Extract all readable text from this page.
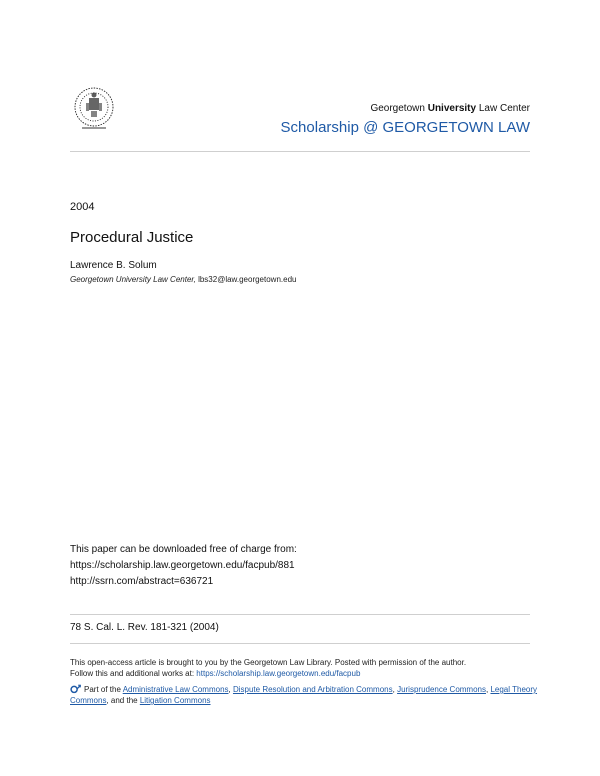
Georgetown University Law Center
Scholarship @ GEORGETOWN LAW
2004
Procedural Justice
Lawrence B. Solum
Georgetown University Law Center, lbs32@law.georgetown.edu
This paper can be downloaded free of charge from:
https://scholarship.law.georgetown.edu/facpub/881
http://ssrn.com/abstract=636721
78 S. Cal. L. Rev. 181-321 (2004)
This open-access article is brought to you by the Georgetown Law Library. Posted with permission of the author.
Follow this and additional works at: https://scholarship.law.georgetown.edu/facpub
Part of the Administrative Law Commons, Dispute Resolution and Arbitration Commons, Jurisprudence Commons, Legal Theory Commons, and the Litigation Commons
